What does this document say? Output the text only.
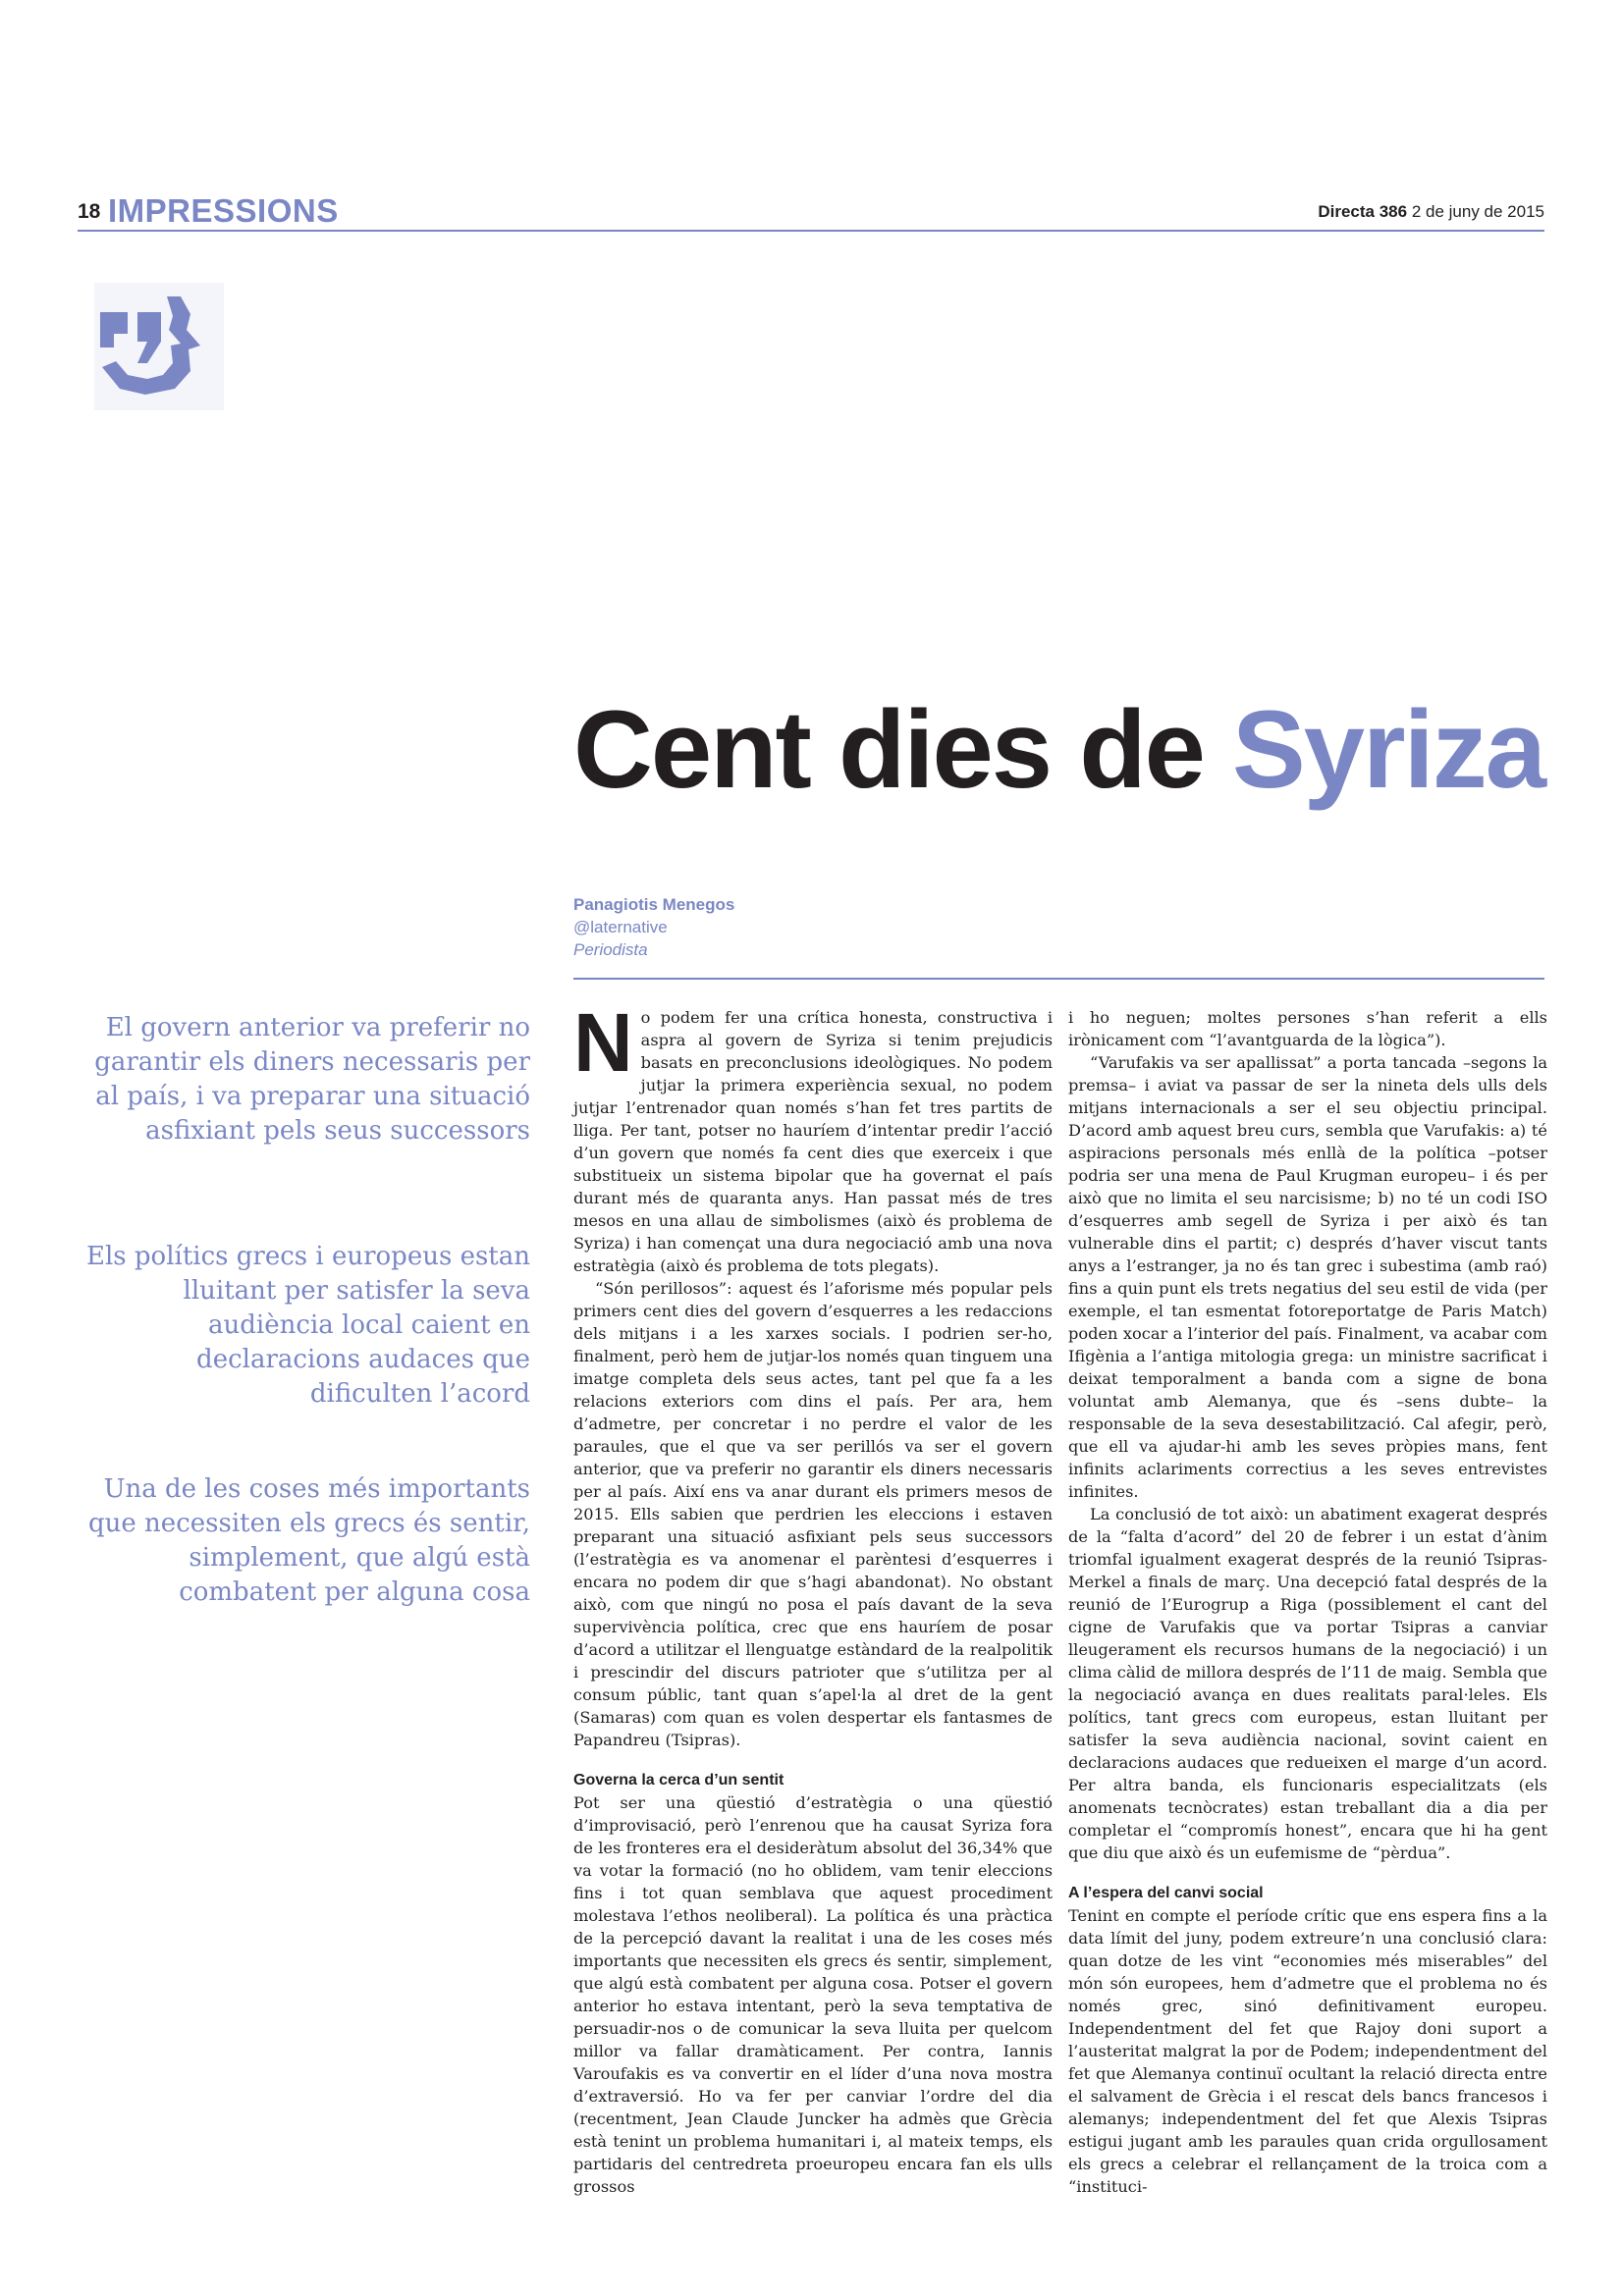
18 IMPRESSIONS	Directa 386 2 de juny de 2015
Cent dies de Syriza
Panagiotis Menegos
@laternative
Periodista
El govern anterior va preferir no garantir els diners necessaris per al país, i va preparar una situació asfixiant pels seus successors
Els polítics grecs i europeus estan lluitant per satisfer la seva audiència local caient en declaracions audaces que dificulten l’acord
Una de les coses més importants que necessiten els grecs és sentir, simplement, que algú està combatent per alguna cosa

No podem fer una crítica honesta, constructiva i aspra al govern de Syriza si tenim prejudicis basats en preconclusions ideològiques. No podem jutjar la primera experiència sexual, no podem jutjar l’entrenador quan només s’han fet tres partits de lliga. Per tant, potser no hauríem d’intentar predir l’acció d’un govern que només fa cent dies que exerceix i que substitueix un sistema bipolar que ha governat el país durant més de quaranta anys. Han passat més de tres mesos en una allau de simbolismes (això és problema de Syriza) i han començat una dura negociació amb una nova estratègia (això és problema de tots plegats).

“Són perillosos”: aquest és l’aforisme més popular pels primers cent dies del govern d’esquerres a les redaccions dels mitjans i a les xarxes socials. I podrien ser-ho, finalment, però hem de jutjar-los només quan tinguem una imatge completa dels seus actes, tant pel que fa a les relacions exteriors com dins el país. Per ara, hem d’admetre, per concretar i no perdre el valor de les paraules, que el que va ser perillós va ser el govern anterior, que va preferir no garantir els diners necessaris per al país. Així ens va anar durant els primers mesos de 2015. Ells sabien que perdrien les eleccions i estaven preparant una situació asfixiant pels seus successors (l’estratègia es va anomenar el parèntesi d’esquerres i encara no podem dir que s’hagi abandonat). No obstant això, com que ningú no posa el país davant de la seva supervivència política, crec que ens hauríem de posar d’acord a utilitzar el llenguatge estàndard de la realpolitik i prescindir del discurs patrioter que s’utilitza per al consum públic, tant quan s’apel·la al dret de la gent (Samaras) com quan es volen despertar els fantasmes de Papandreu (Tsipras).

Governa la cerca d’un sentit

Pot ser una qüestió d’estratègia o una qüestió d’improvisació, però l’enrenou que ha causat Syriza fora de les fronteres era el desideràtum absolut del 36,34% que va votar la formació (no ho oblidem, vam tenir eleccions fins i tot quan semblava que aquest procediment molestava l’ethos neoliberal). La política és una pràctica de la percepció davant la realitat i una de les coses més importants que necessiten els grecs és sentir, simplement, que algú està combatent per alguna cosa. Potser el govern anterior ho estava intentant, però la seva temptativa de persuadir-nos o de comunicar la seva lluita per quelcom millor va fallar dramàticament. Per contra, Iannis Varoufakis es va convertir en el líder d’una nova mostra d’extraversió. Ho va fer per canviar l’ordre del dia (recentment, Jean Claude Juncker ha admès que Grècia està tenint un problema humanitari i, al mateix temps, els partidaris del centredreta proeuropeu encara fan els ulls grossos

i ho neguen; moltes persones s’han referit a ells irònicament com “l’avantguarda de la lògica”).

“Varufakis va ser apallissat” a porta tancada –segons la premsa– i aviat va passar de ser la nineta dels ulls dels mitjans internacionals a ser el seu objectiu principal. D’acord amb aquest breu curs, sembla que Varufakis: a) té aspiracions personals més enllà de la política –potser podria ser una mena de Paul Krugman europeu– i és per això que no limita el seu narcisisme; b) no té un codi ISO d’esquerres amb segell de Syriza i per això és tan vulnerable dins el partit; c) després d’haver viscut tants anys a l’estranger, ja no és tan grec i subestima (amb raó) fins a quin punt els trets negatius del seu estil de vida (per exemple, el tan esmentat fotoreportatge de Paris Match) poden xocar a l’interior del país. Finalment, va acabar com Ifigènia a l’antiga mitologia grega: un ministre sacrificat i deixat temporalment a banda com a signe de bona voluntat amb Alemanya, que és –sens dubte– la responsable de la seva desestabilització. Cal afegir, però, que ell va ajudar-hi amb les seves pròpies mans, fent infinits aclariments correctius a les seves entrevistes infinites.

La conclusió de tot això: un abatiment exagerat després de la “falta d’acord” del 20 de febrer i un estat d’ànim triomfal igualment exagerat després de la reunió Tsipras-Merkel a finals de març. Una decepció fatal després de la reunió de l’Eurogrup a Riga (possiblement el cant del cigne de Varufakis que va portar Tsipras a canviar lleugerament els recursos humans de la negociació) i un clima càlid de millora després de l’11 de maig. Sembla que la negociació avança en dues realitats paral·leles. Els polítics, tant grecs com europeus, estan lluitant per satisfer la seva audiència nacional, sovint caient en declaracions audaces que redueixen el marge d’un acord. Per altra banda, els funcionaris especialitzats (els anomenats tecnòcrates) estan treballant dia a dia per completar el “compromís honest”, encara que hi ha gent que diu que això és un eufemisme de “pèrdua”.

A l’espera del canvi social

Tenint en compte el període crític que ens espera fins a la data límit del juny, podem extreure’n una conclusió clara: quan dotze de les vint “economies més miserables” del món són europees, hem d’admetre que el problema no és només grec, sinó definitivament europeu. Independentment del fet que Rajoy doni suport a l’austeritat malgrat la por de Podem; independentment del fet que Alemanya continuï ocultant la relació directa entre el salvament de Grècia i el rescat dels bancs francesos i alemanys; independentment del fet que Alexis Tsipras estigui jugant amb les paraules quan crida orgullosament els grecs a celebrar el rellançament de la troica com a “instituci-
